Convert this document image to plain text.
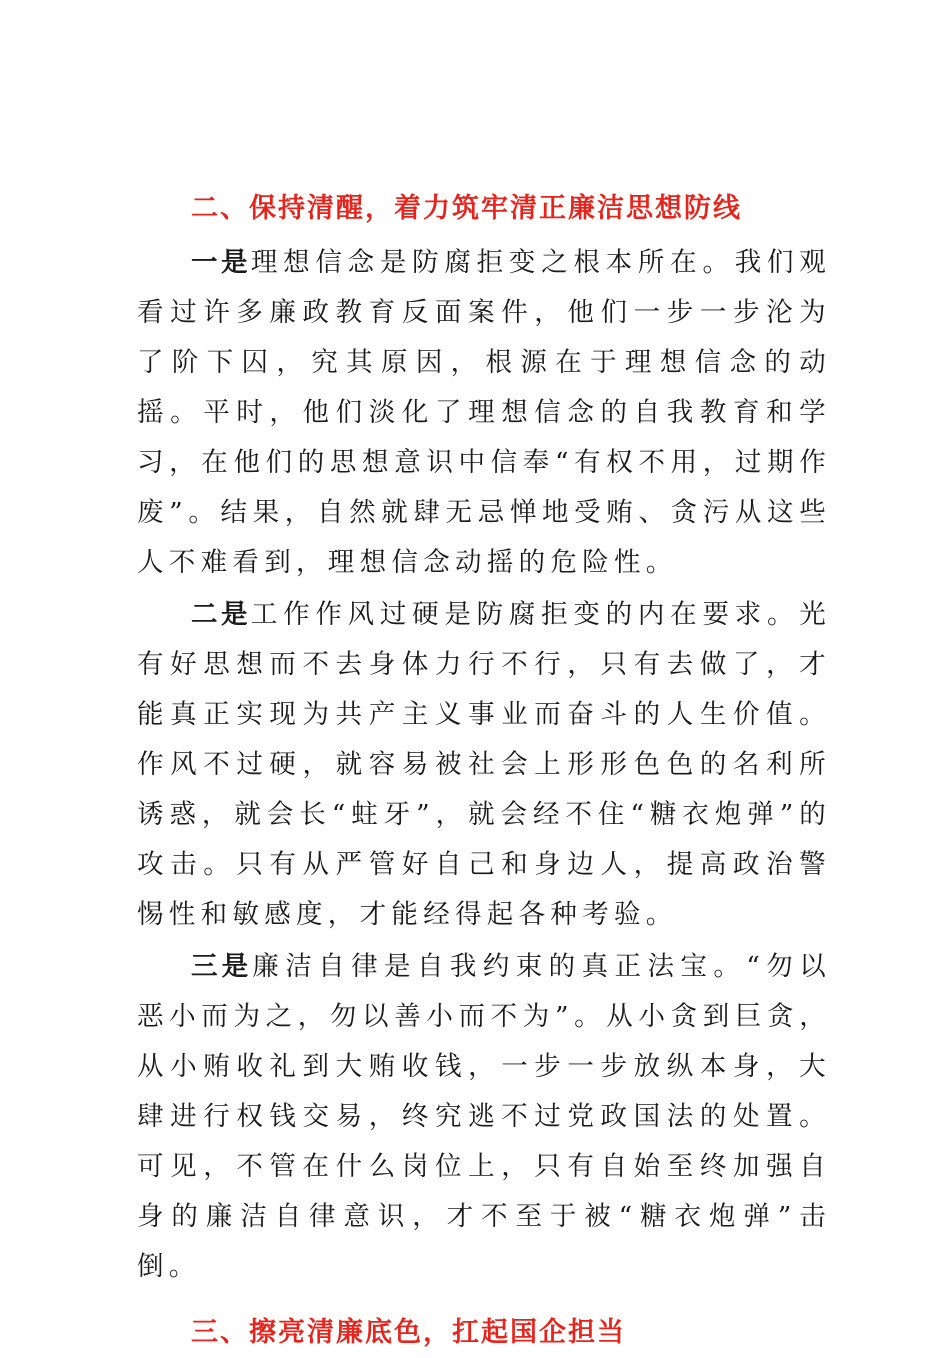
二、保持清醒，着力筑牢清正廉洁思想防线

一是理想信念是防腐拒变之根本所在。我们观看过许多廉政教育反面案件，他们一步一步沦为了阶下囚，究其原因，根源在于理想信念的动摇。平时，他们淡化了理想信念的自我教育和学习，在他们的思想意识中信奉“有权不用，过期作废”。结果，自然就肆无忌惮地受贿、贪污从这些人不难看到，理想信念动摇的危险性。

二是工作作风过硬是防腐拒变的内在要求。光有好思想而不去身体力行不行，只有去做了，才能真正实现为共产主义事业而奋斗的人生价值。作风不过硬，就容易被社会上形形色色的名利所诱惑，就会长“蛀牙”，就会经不住“糖衣炮弹”的攻击。只有从严管好自己和身边人，提高政治警惕性和敏感度，才能经得起各种考验。

三是廉洁自律是自我约束的真正法宝。“勿以恶小而为之，勿以善小而不为”。从小贪到巨贪，从小贿收礼到大贿收钱，一步一步放纵本身，大肆进行权钱交易，终究逃不过党政国法的处置。可见，不管在什么岗位上，只有自始至终加强自身的廉洁自律意识，才不至于被“糖衣炮弹”击倒。

三、擦亮清廉底色，扛起国企担当
